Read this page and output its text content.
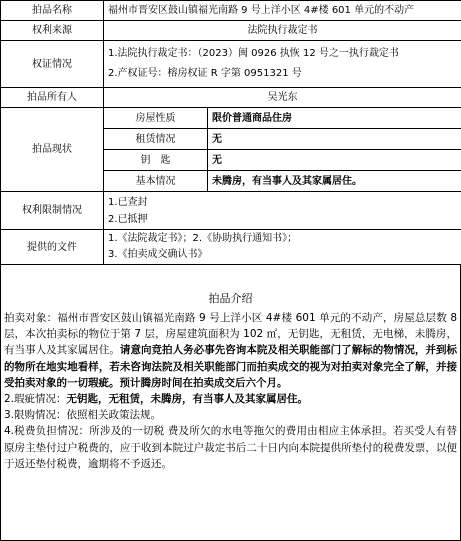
拍品名称	福州市晋安区鼓山镇福光南路 9 号上洋小区 4#楼 601 单元的不动产	
权利来源	法院执行裁定书	
权证情况	1.法院执行裁定书：（2023）闽 0926 执恢 12 号之一执行裁定书
2.产权证号：榕房权证 R 字第 0951321 号	

拍品所有人	吴光东	
拍品现状	房屋性质	限价普通商品住房
	租赁情况	无
	钥　匙	无
	基本情况	未腾房，有当事人及其家属居住。
权利限制情况	1.已查封
2.已抵押	

提供的文件	1.《法院裁定书》；2.《协助执行通知书》；
3.《拍卖成交确认书》	
拍品介绍
拍卖对象：福州市晋安区鼓山镇福光南路 9 号上洋小区 4#楼 601 单元的不动产，房屋总层数 8 层，本次拍卖标的物位于第 7 层，房屋建筑面积为 102 ㎡，无钥匙，无租赁，无电梯，未腾房，有当事人及其家属居住。请意向竞拍人务必事先咨询本院及相关职能部门了解标的物情况，并到标的物所在地实地看样，若未咨询法院及相关职能部门而拍卖成交的视为对拍卖对象完全了解，并接受拍卖对象的一切瑕疵。预计腾房时间在拍卖成交后六个月。
2.瑕疵情况：无钥匙，无租赁，未腾房，有当事人及其家属居住。
3.限购情况：依照相关政策法规。
4.税费负担情况：所涉及的一切税 费及所欠的水电等拖欠的费用由相应主体承担。若买受人有替原房主垫付过户税费的，应于收到本院过户裁定书后二十日内向本院提供所垫付的税费发票，以便于返还垫付税费，逾期将不予返还。
